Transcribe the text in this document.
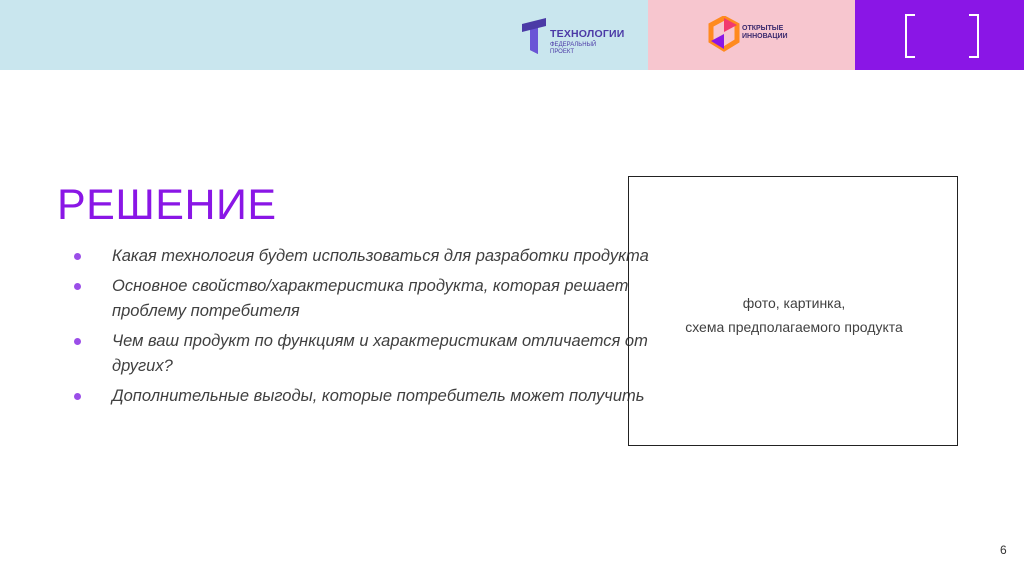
ТЕХНОЛОГИИ
ФЕДЕРАЛЬНЫЙ ПРОЕКТ
ОТКРЫТЫЕ ИННОВАЦИИ
РЕШЕНИЕ
Какая технология будет использоваться для разработки продукта
Основное свойство/характеристика продукта, которая решает проблему потребителя
Чем ваш продукт по функциям и характеристикам отличается от других?
Дополнительные выгоды, которые потребитель может получить
фото, картинка,
схема предполагаемого продукта
6
